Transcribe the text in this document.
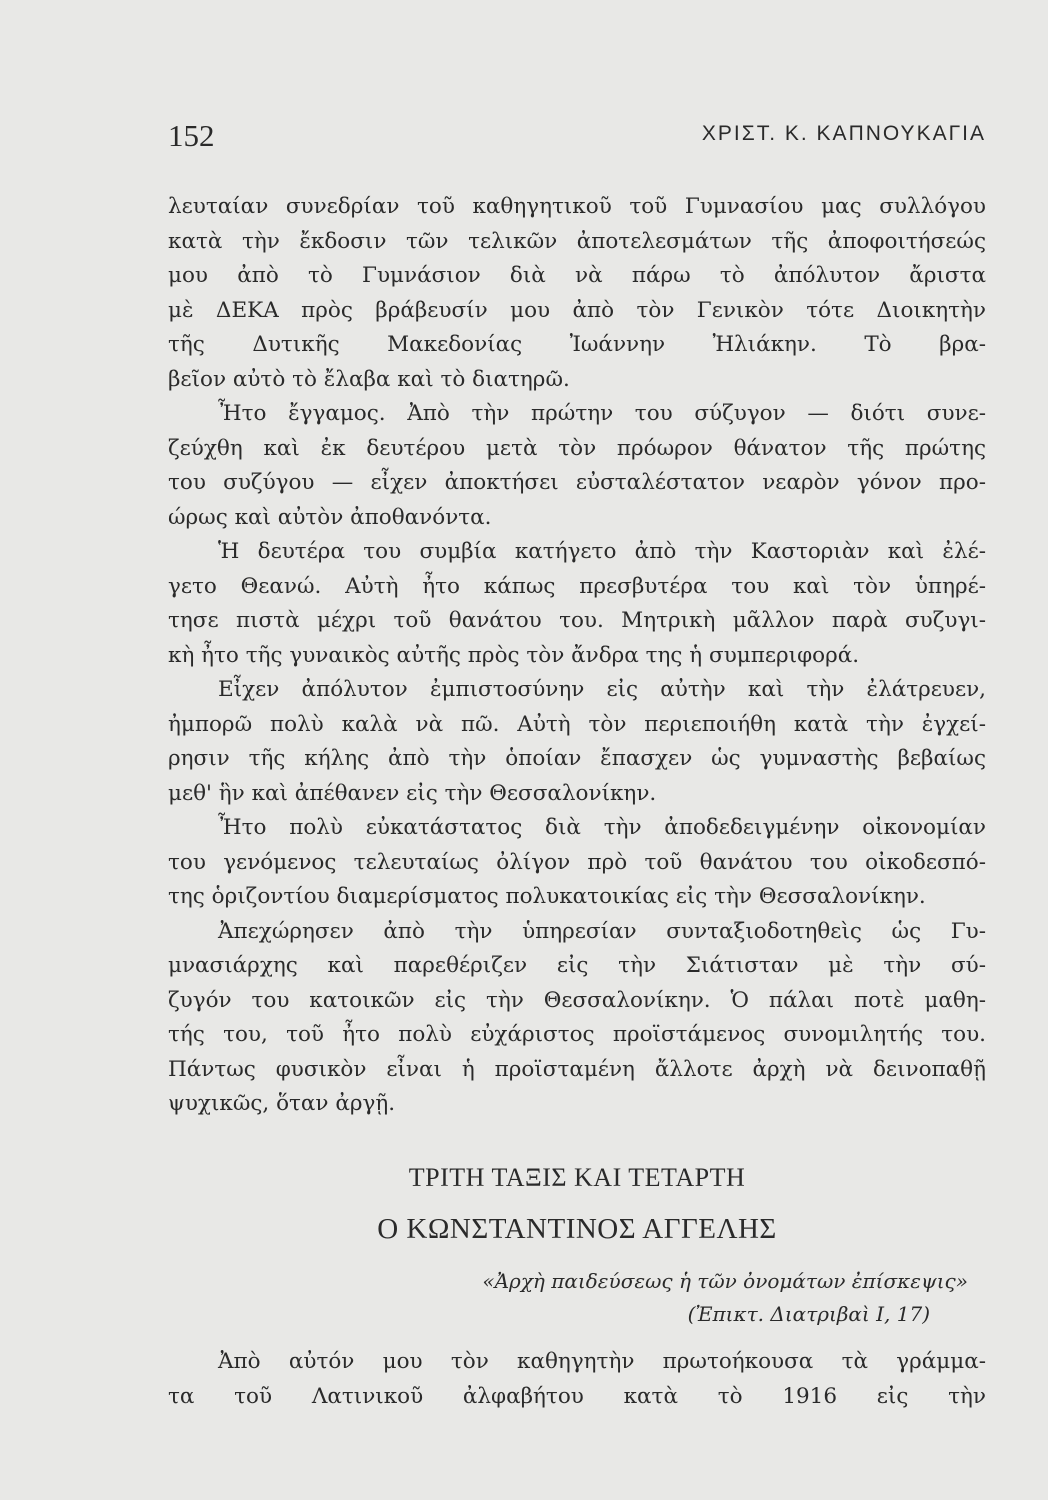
152	ΧΡΙΣΤ. Κ. ΚΑΠΝΟΥΚΑΓΙΑ
λευταίαν συνεδρίαν τοῦ καθηγητικοῦ τοῦ Γυμνασίου μας συλλόγου
κατὰ τὴν ἔκδοσιν τῶν τελικῶν ἀποτελεσμάτων τῆς ἀποφοιτήσεώς
μου ἀπὸ τὸ Γυμνάσιον διὰ νὰ πάρω τὸ ἀπόλυτον ἄριστα
μὲ ΔΕΚΑ πρὸς βράβευσίν μου ἀπὸ τὸν Γενικὸν τότε Διοικητὴν
τῆς Δυτικῆς Μακεδονίας Ἰωάννην Ἠλιάκην. Τὸ βρα-
βεῖον αὐτὸ τὸ ἔλαβα καὶ τὸ διατηρῶ.
Ἦτο ἔγγαμος. Ἀπὸ τὴν πρώτην του σύζυγον — διότι συνε-
ζεύχθη καὶ ἐκ δευτέρου μετὰ τὸν πρόωρον θάνατον τῆς πρώτης
του συζύγου — εἶχεν ἀποκτήσει εὐσταλέστατον νεαρὸν γόνον προ-
ώρως καὶ αὐτὸν ἀποθανόντα.
Ἡ δευτέρα του συμβία κατήγετο ἀπὸ τὴν Καστοριὰν καὶ ἐλέ-
γετο Θεανώ. Αὐτὴ ἦτο κάπως πρεσβυτέρα του καὶ τὸν ὑπηρέ-
τησε πιστὰ μέχρι τοῦ θανάτου του. Μητρικὴ μᾶλλον παρὰ συζυγι-
κὴ ἦτο τῆς γυναικὸς αὐτῆς πρὸς τὸν ἄνδρα της ἡ συμπεριφορά.
Εἶχεν ἀπόλυτον ἐμπιστοσύνην εἰς αὐτὴν καὶ τὴν ἐλάτρευεν,
ἠμπορῶ πολὺ καλὰ νὰ πῶ. Αὐτὴ τὸν περιεποιήθη κατὰ τὴν ἐγχεί-
ρησιν τῆς κήλης ἀπὸ τὴν ὁποίαν ἔπασχεν ὡς γυμναστὴς βεβαίως
μεθ' ἣν καὶ ἀπέθανεν εἰς τὴν Θεσσαλονίκην.
Ἦτο πολὺ εὐκατάστατος διὰ τὴν ἀποδεδειγμένην οἰκονομίαν
του γενόμενος τελευταίως ὀλίγον πρὸ τοῦ θανάτου του οἰκοδεσπό-
της ὁριζοντίου διαμερίσματος πολυκατοικίας εἰς τὴν Θεσσαλονίκην.
Ἀπεχώρησεν ἀπὸ τὴν ὑπηρεσίαν συνταξιοδοτηθεὶς ὡς Γυ-
μνασιάρχης καὶ παρεθέριζεν εἰς τὴν Σιάτισταν μὲ τὴν σύ-
ζυγόν του κατοικῶν εἰς τὴν Θεσσαλονίκην. Ὁ πάλαι ποτὲ μαθη-
τής του, τοῦ ἦτο πολὺ εὐχάριστος προϊστάμενος συνομιλητής του.
Πάντως φυσικὸν εἶναι ἡ προϊσταμένη ἄλλοτε ἀρχὴ νὰ δεινοπαθῇ
ψυχικῶς, ὅταν ἀργῇ.
ΤΡΙΤΗ ΤΑΞΙΣ ΚΑΙ ΤΕΤΑΡΤΗ
Ο ΚΩΝΣΤΑΝΤΙΝΟΣ ΑΓΓΕΛΗΣ
«Ἀρχὴ παιδεύσεως ἡ τῶν ὀνομάτων ἐπίσκεψις»
(Ἐπικτ. Διατριβαὶ Ι, 17)
Ἀπὸ αὐτόν μου τὸν καθηγητὴν πρωτοήκουσα τὰ γράμμα-
τα τοῦ Λατινικοῦ ἀλφαβήτου κατὰ τὸ 1916 εἰς τὴν
